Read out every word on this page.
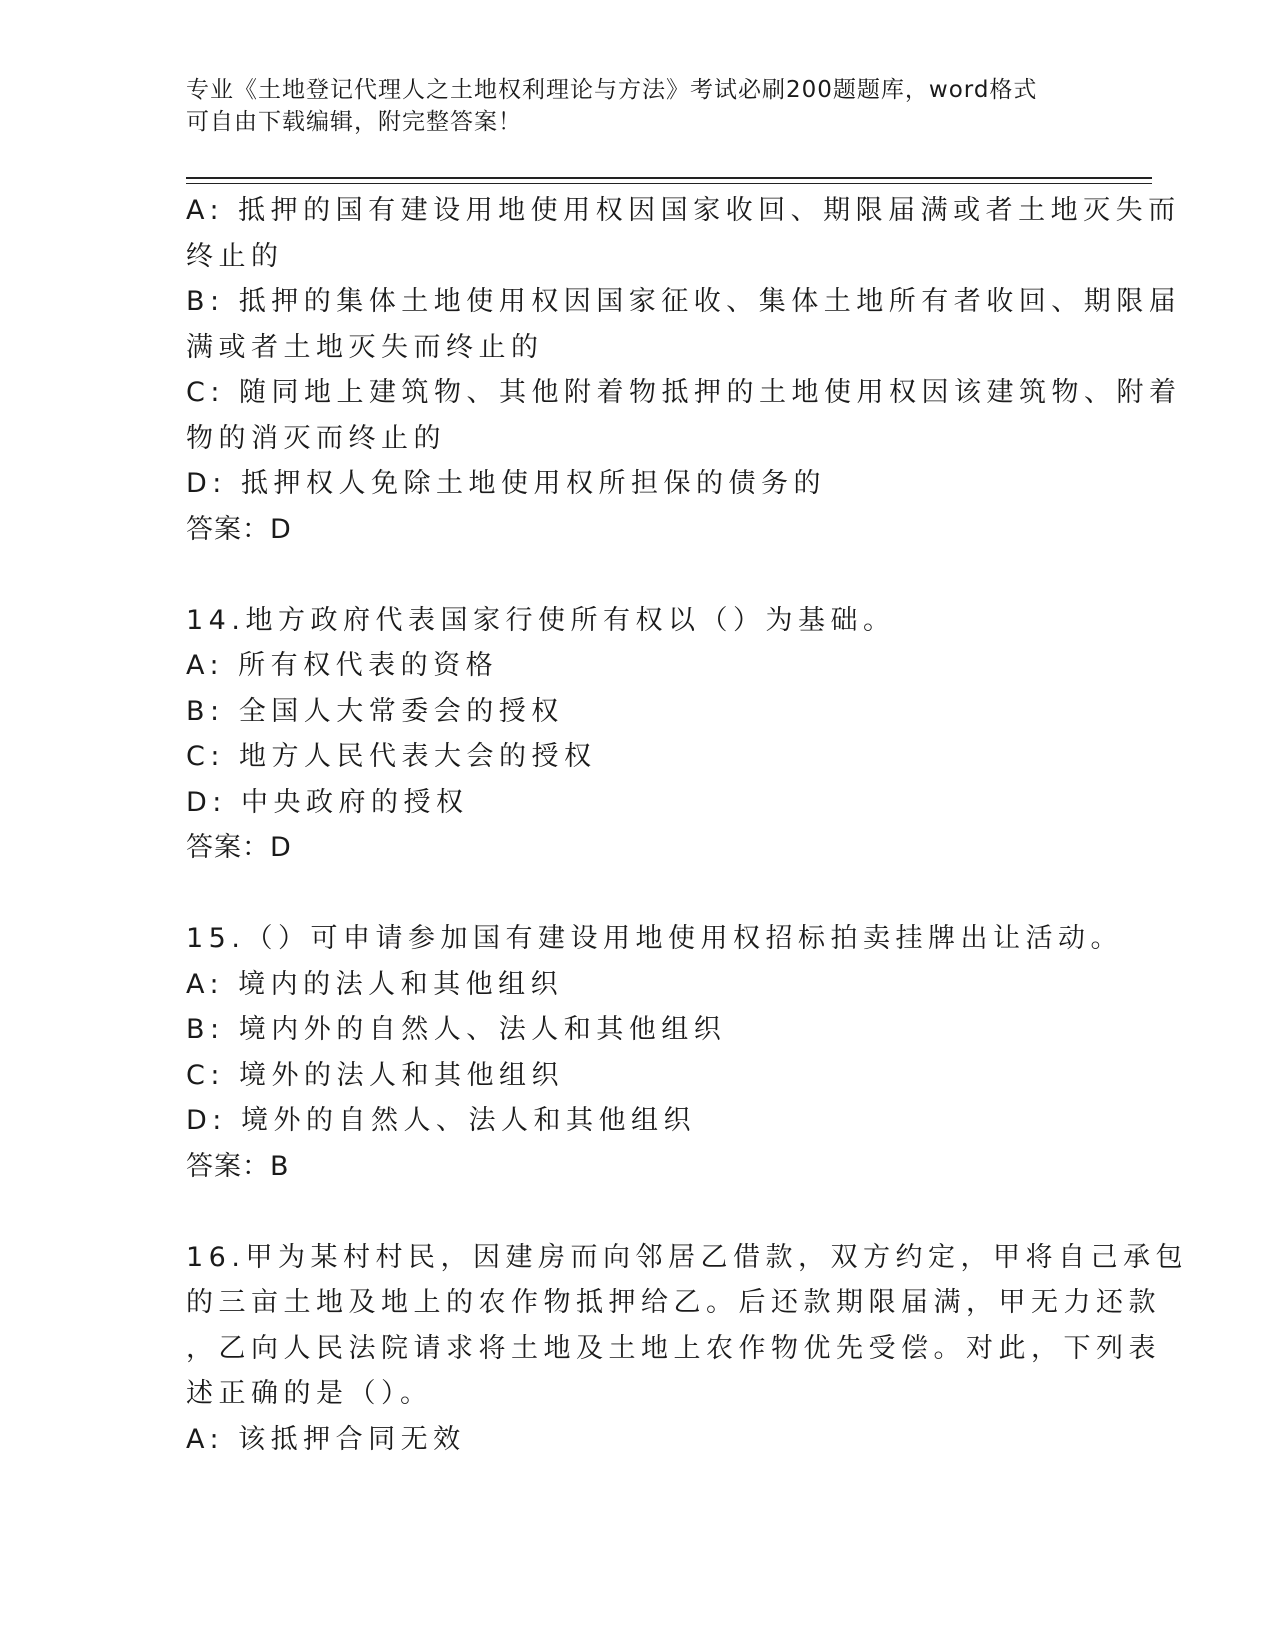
专业《土地登记代理人之土地权利理论与方法》考试必刷200题题库，word格式
可自由下载编辑，附完整答案！
A: 抵押的国有建设用地使用权因国家收回、期限届满或者土地灭失而
终止的
B: 抵押的集体土地使用权因国家征收、集体土地所有者收回、期限届
满或者土地灭失而终止的
C: 随同地上建筑物、其他附着物抵押的土地使用权因该建筑物、附着
物的消灭而终止的
D: 抵押权人免除土地使用权所担保的债务的
答案：D
14.地方政府代表国家行使所有权以（）为基础。
A: 所有权代表的资格
B: 全国人大常委会的授权
C: 地方人民代表大会的授权
D: 中央政府的授权
答案：D
15.（）可申请参加国有建设用地使用权招标拍卖挂牌出让活动。
A: 境内的法人和其他组织
B: 境内外的自然人、法人和其他组织
C: 境外的法人和其他组织
D: 境外的自然人、法人和其他组织
答案：B
16.甲为某村村民，因建房而向邻居乙借款，双方约定，甲将自己承包
的三亩土地及地上的农作物抵押给乙。后还款期限届满，甲无力还款
，乙向人民法院请求将土地及土地上农作物优先受偿。对此，下列表
述正确的是（）。
A: 该抵押合同无效
